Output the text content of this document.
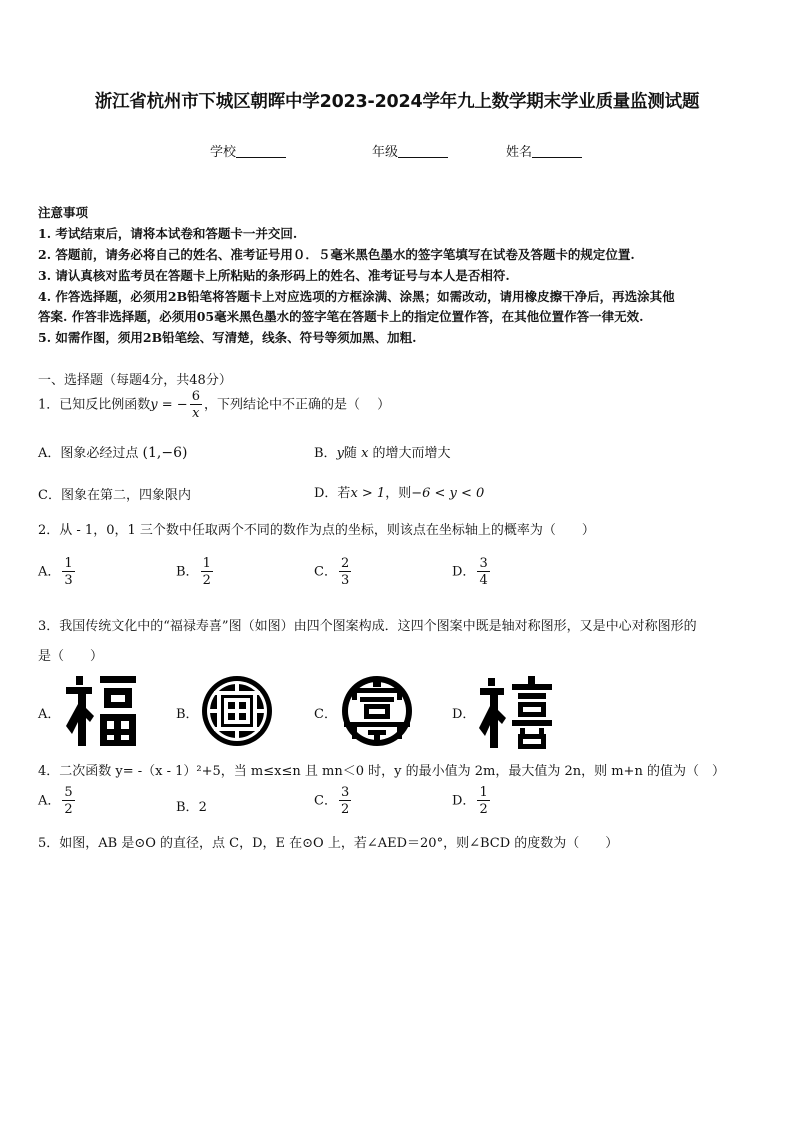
浙江省杭州市下城区朝晖中学2023-2024学年九上数学期末学业质量监测试题
学校	年级	姓名
注意事项
1. 考试结束后，请将本试卷和答题卡一并交回.
2. 答题前，请务必将自己的姓名、准考证号用０．５毫米黑色墨水的签字笔填写在试卷及答题卡的规定位置.
3. 请认真核对监考员在答题卡上所粘贴的条形码上的姓名、准考证号与本人是否相符.
4. 作答选择题，必须用2B铅笔将答题卡上对应选项的方框涂满、涂黑；如需改动，请用橡皮擦干净后，再选涂其他
答案. 作答非选择题，必须用05毫米黑色墨水的签字笔在答题卡上的指定位置作答，在其他位置作答一律无效.
5. 如需作图，须用2B铅笔绘、写清楚，线条、符号等须加黑、加粗.
一、选择题（每题4分，共48分）
1．已知反比例函数y = − $\frac{6}{x}$ ，下列结论中不正确的是（　 ）
A．图象必经过点 (1,−6)	B．y随 x 的增大而增大
C．图象在第二，四象限内	D．若x > 1，则−6 < y < 0
2．从 - 1，0，1 三个数中任取两个不同的数作为点的坐标，则该点在坐标轴上的概率为（　　）
A． $\frac{1}{3}$	B． $\frac{1}{2}$	C． $\frac{2}{3}$	D． $\frac{3}{4}$
3．我国传统文化中的“福禄寿喜”图（如图）由四个图案构成．这四个图案中既是轴对称图形，又是中心对称图形的
是（　　）
A．	B．	C．	D．
4．二次函数 y= -（x - 1）²+5，当 m≤x≤n 且 mn＜0 时，y 的最小值为 2m，最大值为 2n，则 m+n 的值为（　）
A． $\frac{5}{2}$	B．2	C． $\frac{3}{2}$	D． $\frac{1}{2}$
5．如图，AB 是⊙O 的直径，点 C，D，E 在⊙O 上，若∠AED＝20°，则∠BCD 的度数为（　　）
